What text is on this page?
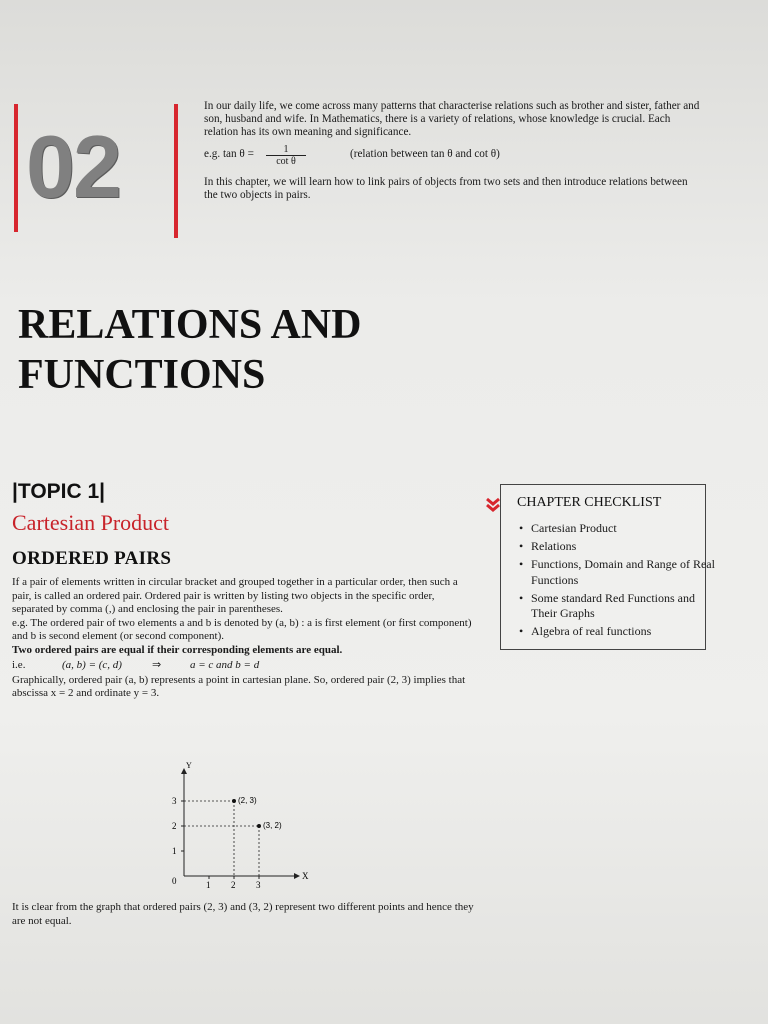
02

In our daily life, we come across many patterns that characterise relations such as brother and sister, father and son, husband and wife. In Mathematics, there is a variety of relations, whose knowledge is crucial. Each relation has its own meaning and significance.

e.g. $\tan \theta = \frac{1}{\text{cot θ}}$	(relation between tan θ and cot θ)

In this chapter, we will learn how to link pairs of objects from two sets and then introduce relations between the two objects in pairs.

RELATIONS AND
FUNCTIONS
|TOPIC 1|
Cartesian Product
ORDERED PAIRS

If a pair of elements written in circular bracket and grouped together in a particular order, then such a pair, is called an ordered pair. Ordered pair is written by listing two objects in the specific order, separated by comma (,) and enclosing the pair in parentheses.

e.g. The ordered pair of two elements a and b is denoted by (a, b) : a is first element (or first component) and b is second element (or second component).

Two ordered pairs are equal if their corresponding elements are equal.

i.e.	(a, b) = (c, d)	⇒	a = c and b = d

Graphically, ordered pair (a, b) represents a point in cartesian plane. So, ordered pair (2, 3) implies that abscissa x = 2 and ordinate y = 3.

CHAPTER CHECKLIST
• Cartesian Product
• Relations
• Functions, Domain and Range of Real Functions
• Some standard Red Functions and Their Graphs
• Algebra of real functions
X
Y
0	1 2 3
1
2
3	(2, 3)
(3, 2)

It is clear from the graph that ordered pairs (2, 3) and (3, 2) represent two different points and hence they are not equal.
